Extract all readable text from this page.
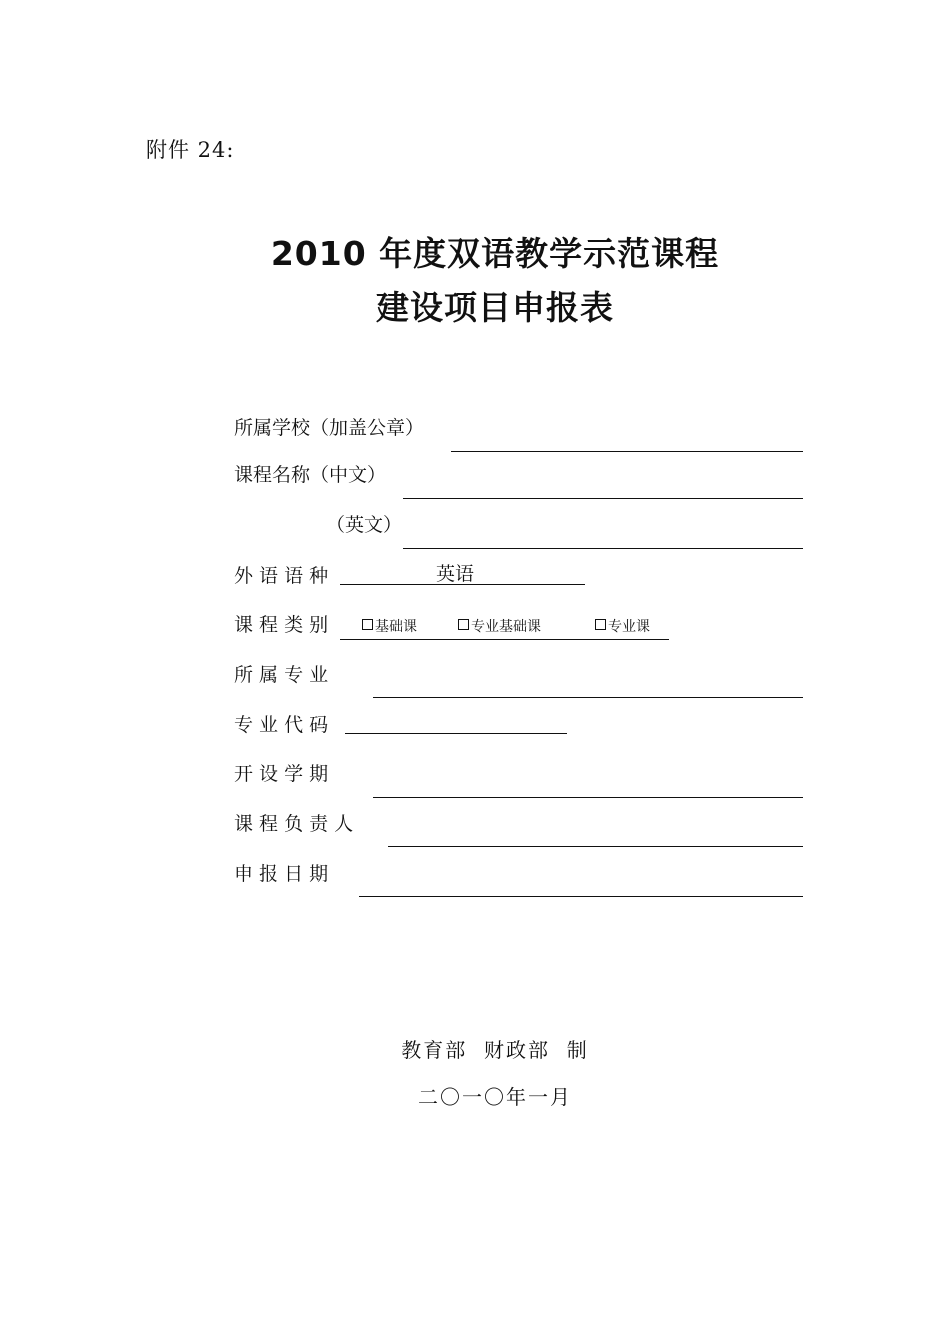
附件 24:
2010 年度双语教学示范课程
建设项目申报表
所属学校（加盖公章）
课程名称（中文）
（英文）
外 语 语 种	英语
课 程 类 别	基础课	专业基础课	专业课
所 属 专 业
专 业 代 码
开 设 学 期
课 程 负 责 人
申 报 日 期
教育部  财政部  制
二〇一〇年一月
